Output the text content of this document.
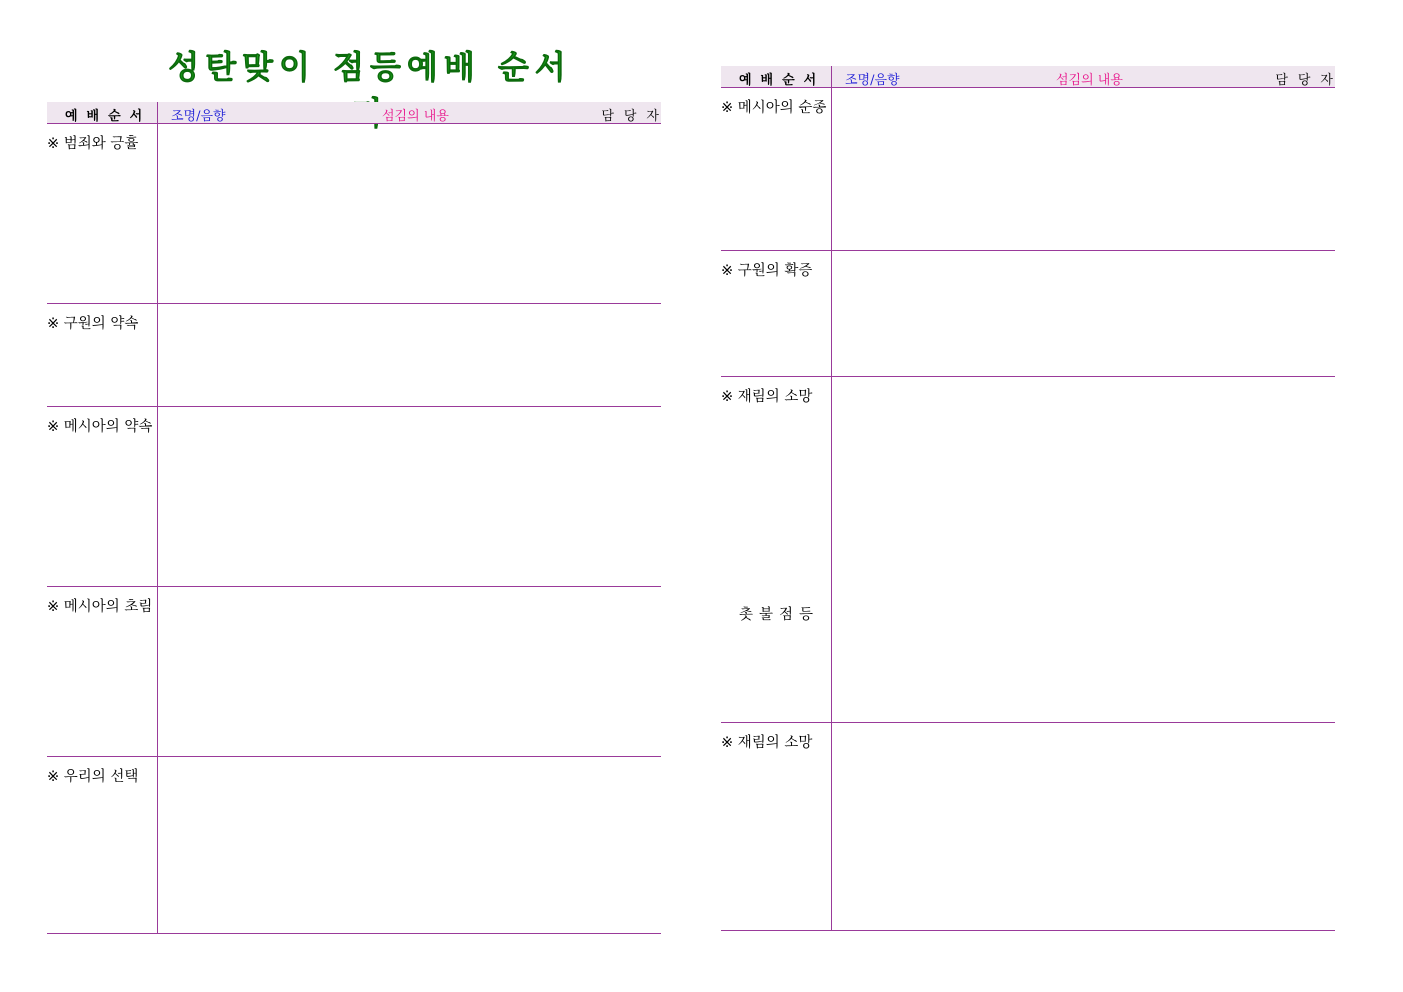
성탄맞이 점등예배 순서
예배순서 조명/음향	섬김의 내용	담당자
※ 범죄와 긍휼
※ 구원의 약속
※ 메시아의 약속
※ 메시아의 초림
※ 우리의 선택
예배순서 조명/음향	섬김의 내용	담당자
※ 메시아의 순종
※ 구원의 확증
※ 재림의 소망
촛불점등
※ 재림의 소망
